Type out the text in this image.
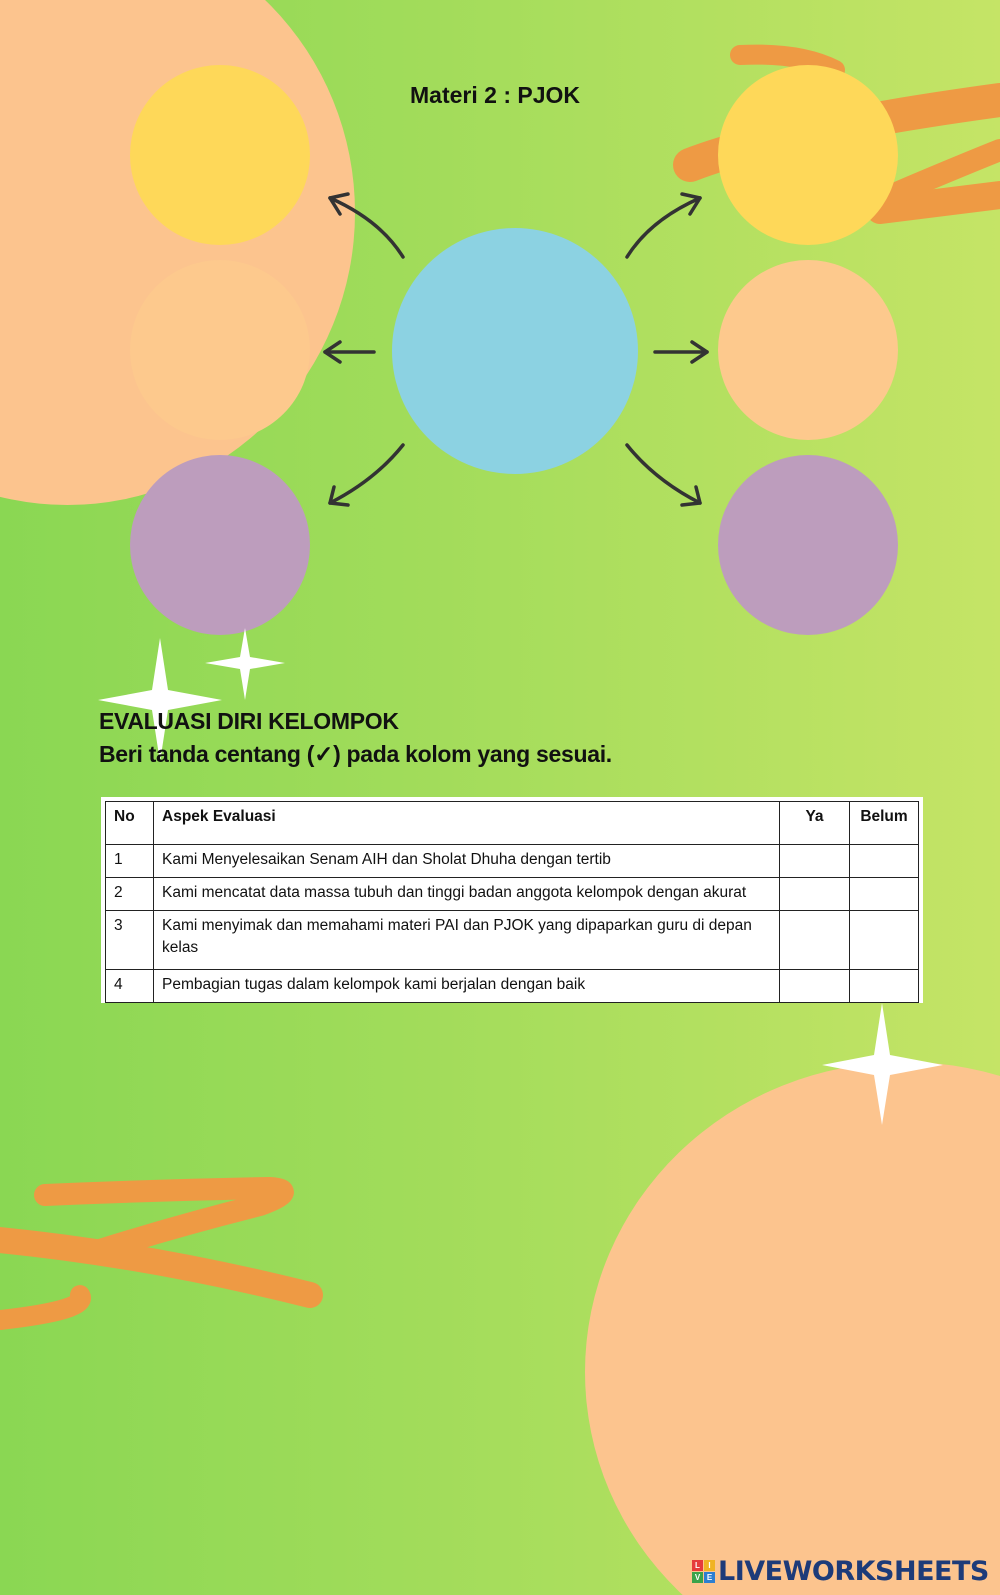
Materi 2 : PJOK
EVALUASI DIRI KELOMPOK
Beri tanda centang (✓) pada kolom yang sesuai.
No	Aspek Evaluasi	Ya	Belum
1	Kami Menyelesaikan Senam AIH dan Sholat Dhuha dengan tertib		
2	Kami mencatat data massa tubuh dan tinggi badan anggota kelompok dengan akurat		
3	Kami menyimak dan memahami materi PAI dan PJOK yang dipaparkan guru di depan kelas		
4	Pembagian tugas dalam kelompok kami berjalan dengan baik		
L	I
V E LIVEWORKSHEETS
